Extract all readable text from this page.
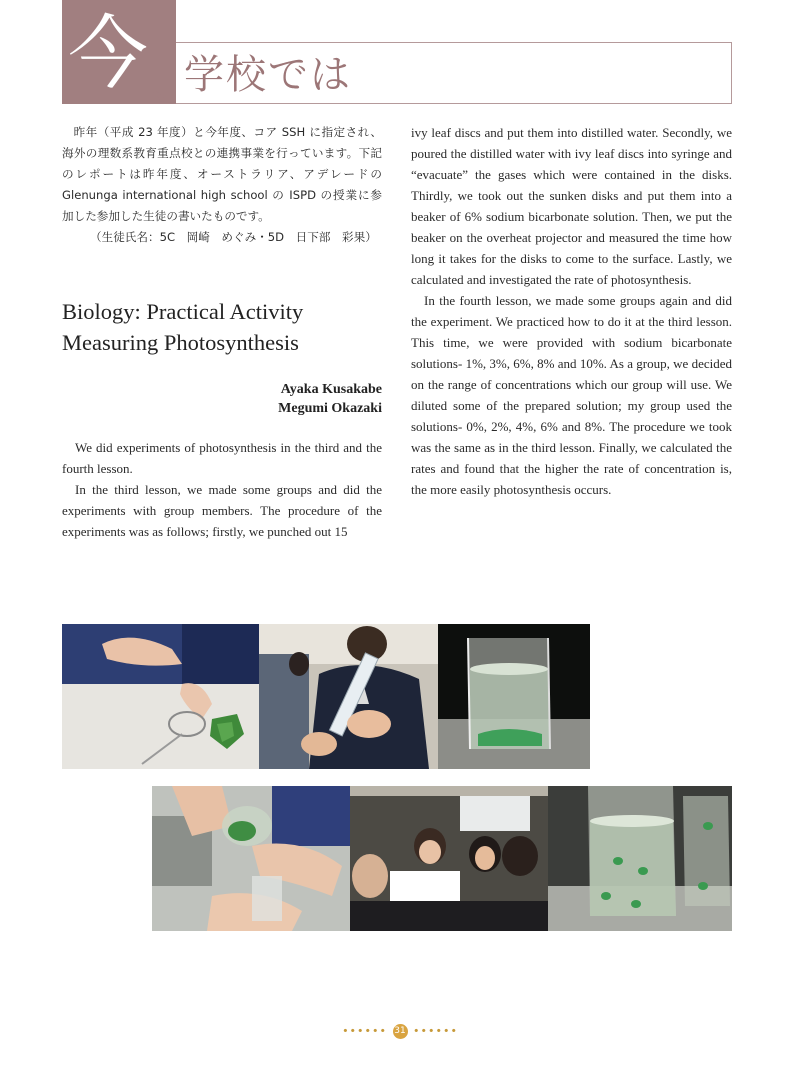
今 、
学校では

昨年（平成 23 年度）と今年度、コア SSH に指定され、海外の理数系教育重点校との連携事業を行っています。下記のレポートは昨年度、オーストラリア、アデレードの Glenunga international high school の ISPD の授業に参加した参加した生徒の書いたものです。

（生徒氏名：5C　岡崎　めぐみ・5D　日下部　彩果）

Biology: Practical Activity
Measuring Photosynthesis
Ayaka Kusakabe
Megumi Okazaki

We did experiments of photosynthesis in the third and the fourth lesson.

In the third lesson, we made some groups and did the experiments with group members. The procedure of the experiments was as follows; firstly, we punched out 15

ivy leaf discs and put them into distilled water. Secondly, we poured the distilled water with ivy leaf discs into syringe and “evacuate” the gases which were contained in the disks. Thirdly, we took out the sunken disks and put them into a beaker of 6% sodium bicarbonate solution. Then, we put the beaker on the overheat projector and measured the time how long it takes for the disks to come to the surface. Lastly, we calculated and investigated the rate of photosynthesis.

In the fourth lesson, we made some groups again and did the experiment. We practiced how to do it at the third lesson. This time, we were provided with sodium bicarbonate solutions- 1%, 3%, 6%, 8% and 10%. As a group, we decided on the range of concentrations which our group will use. We diluted some of the prepared solution; my group used the solutions- 0%, 2%, 4%, 6% and 8%. The procedure we took was the same as in the third lesson. Finally, we calculated the rates and found that the higher the rate of concentration is, the more easily photosynthesis occurs.

•••••• 31 ••••••
